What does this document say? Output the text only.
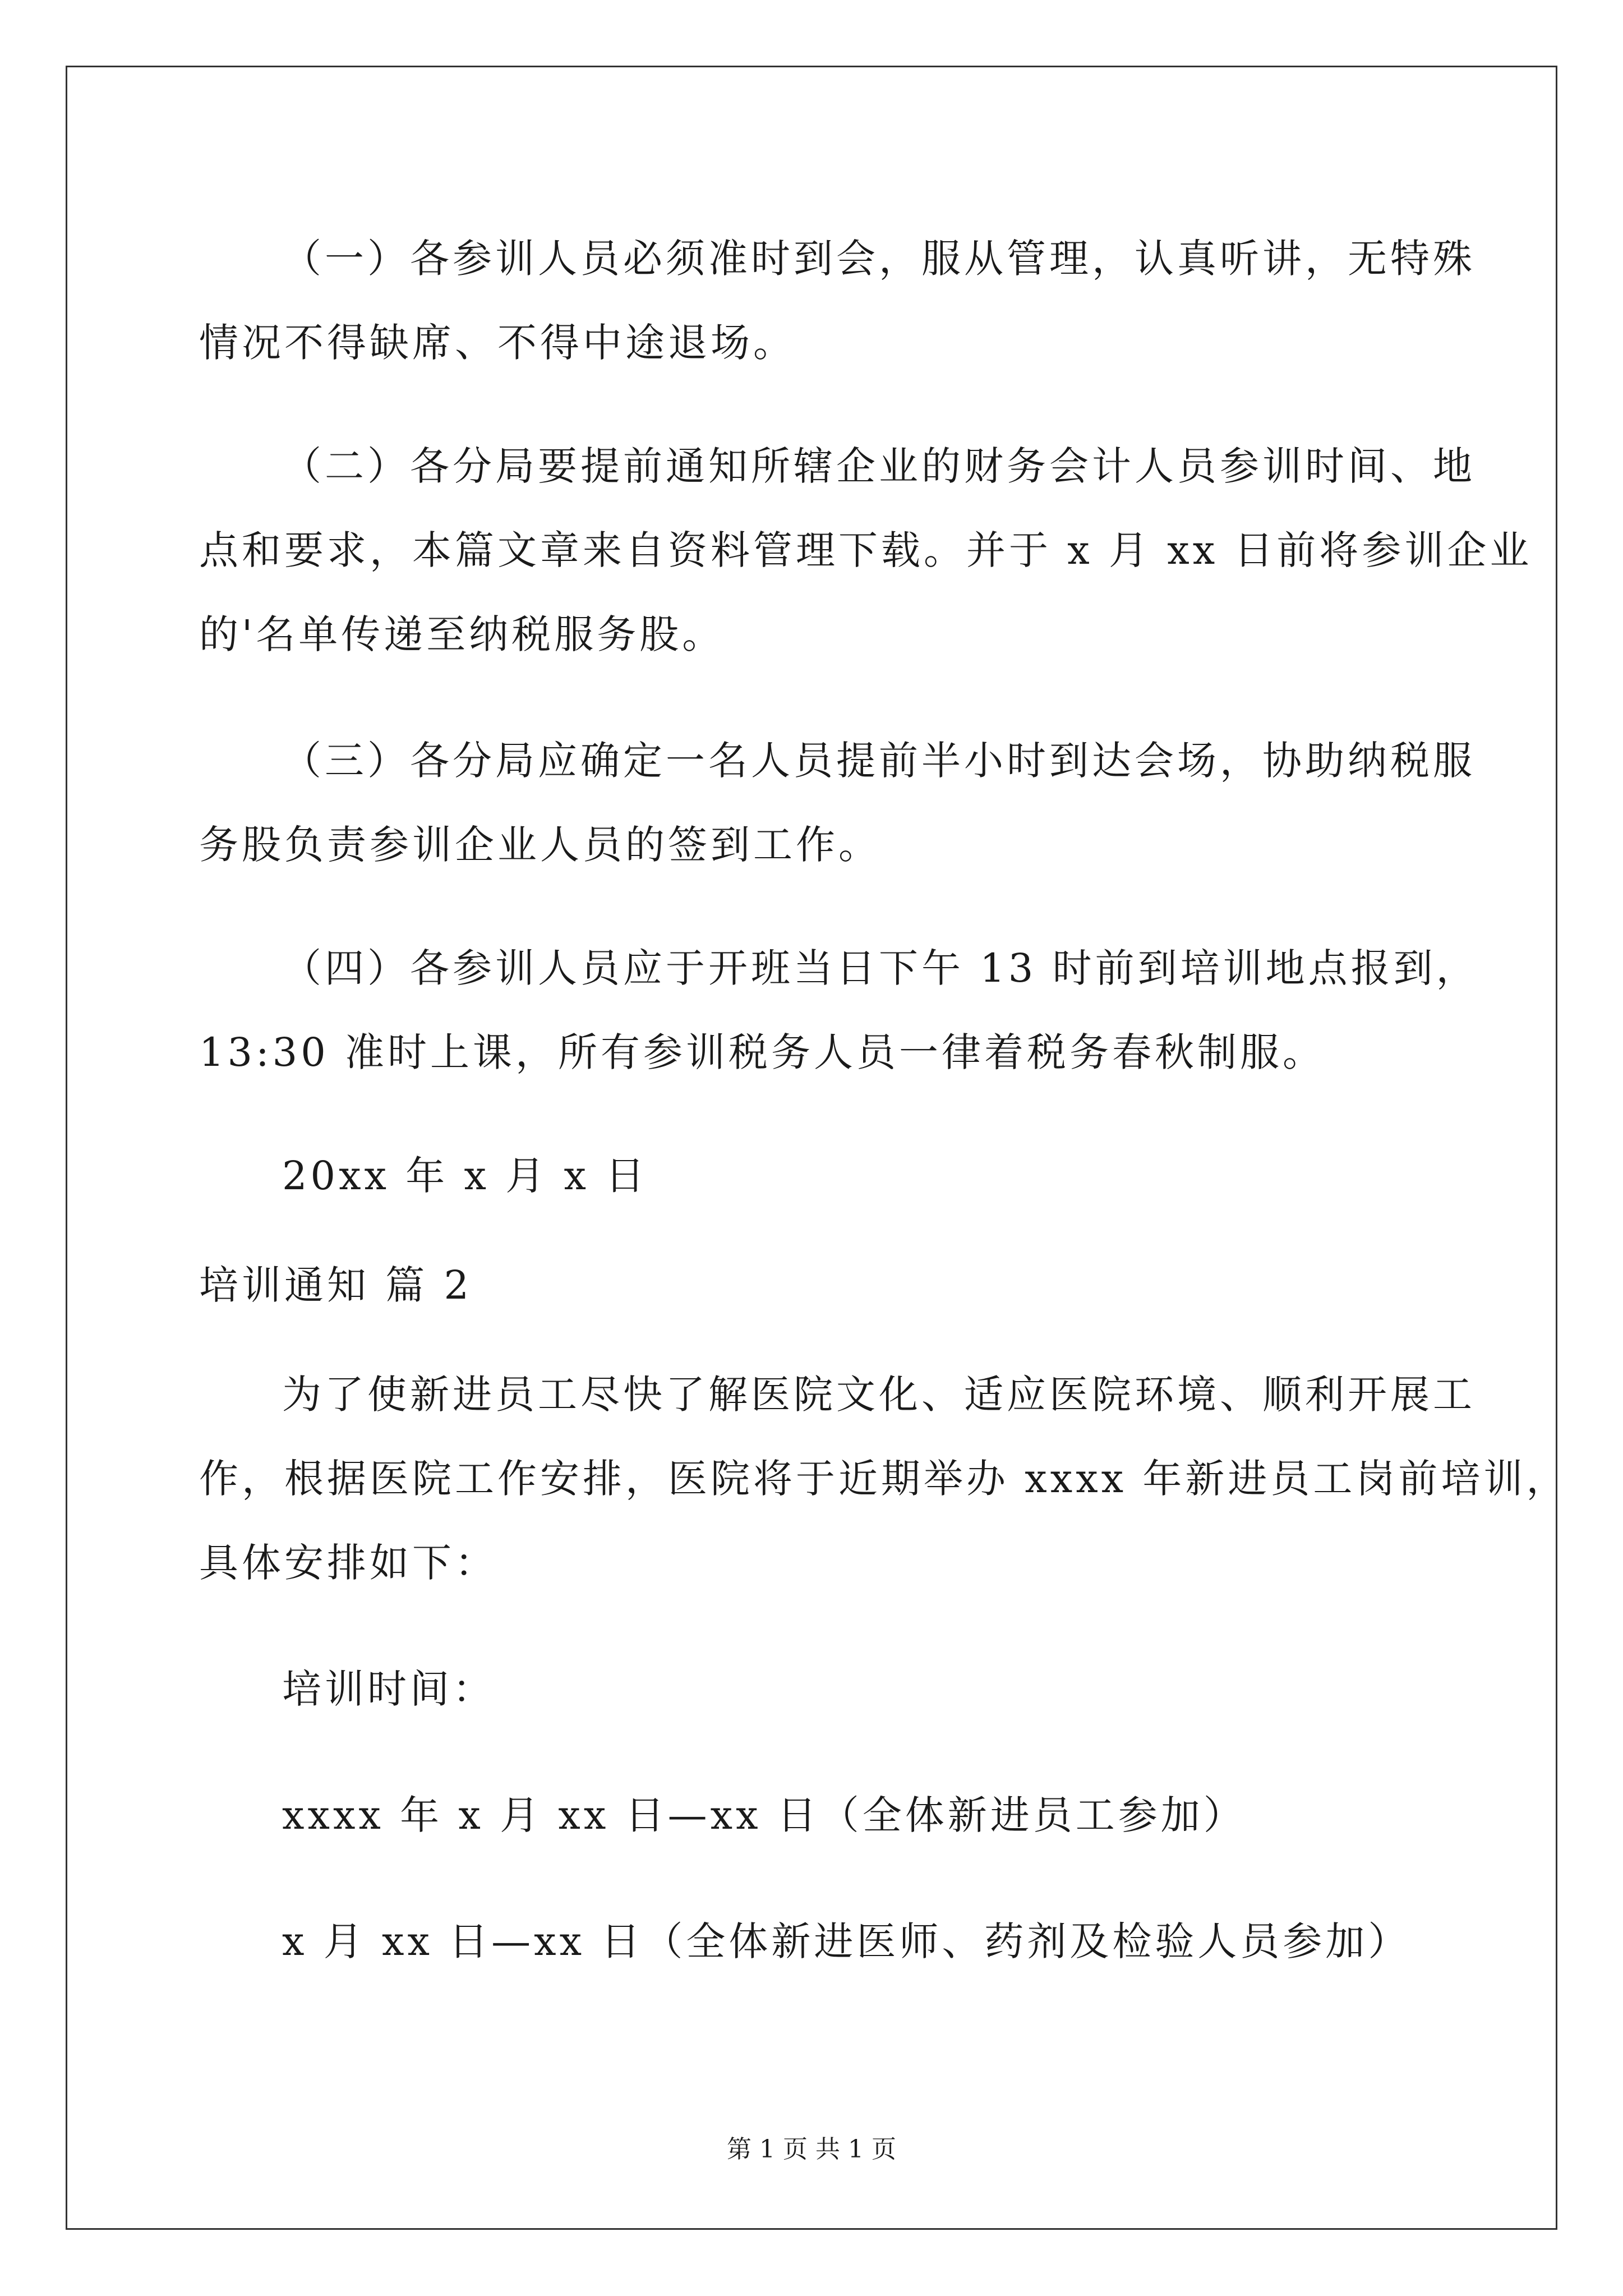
（一）各参训人员必须准时到会，服从管理，认真听讲，无特殊
情况不得缺席、不得中途退场。
（二）各分局要提前通知所辖企业的财务会计人员参训时间、地
点和要求，本篇文章来自资料管理下载。并于 x 月 xx 日前将参训企业
的'名单传递至纳税服务股。
（三）各分局应确定一名人员提前半小时到达会场，协助纳税服
务股负责参训企业人员的签到工作。
（四）各参训人员应于开班当日下午 13 时前到培训地点报到，
13:30 准时上课，所有参训税务人员一律着税务春秋制服。
20xx 年 x 月 x 日
培训通知 篇 2
为了使新进员工尽快了解医院文化、适应医院环境、顺利开展工
作，根据医院工作安排，医院将于近期举办 xxxx 年新进员工岗前培训，
具体安排如下：
培训时间：
xxxx 年 x 月 xx 日—xx 日（全体新进员工参加）
x 月 xx 日—xx 日（全体新进医师、药剂及检验人员参加）
第 1 页 共 1 页
